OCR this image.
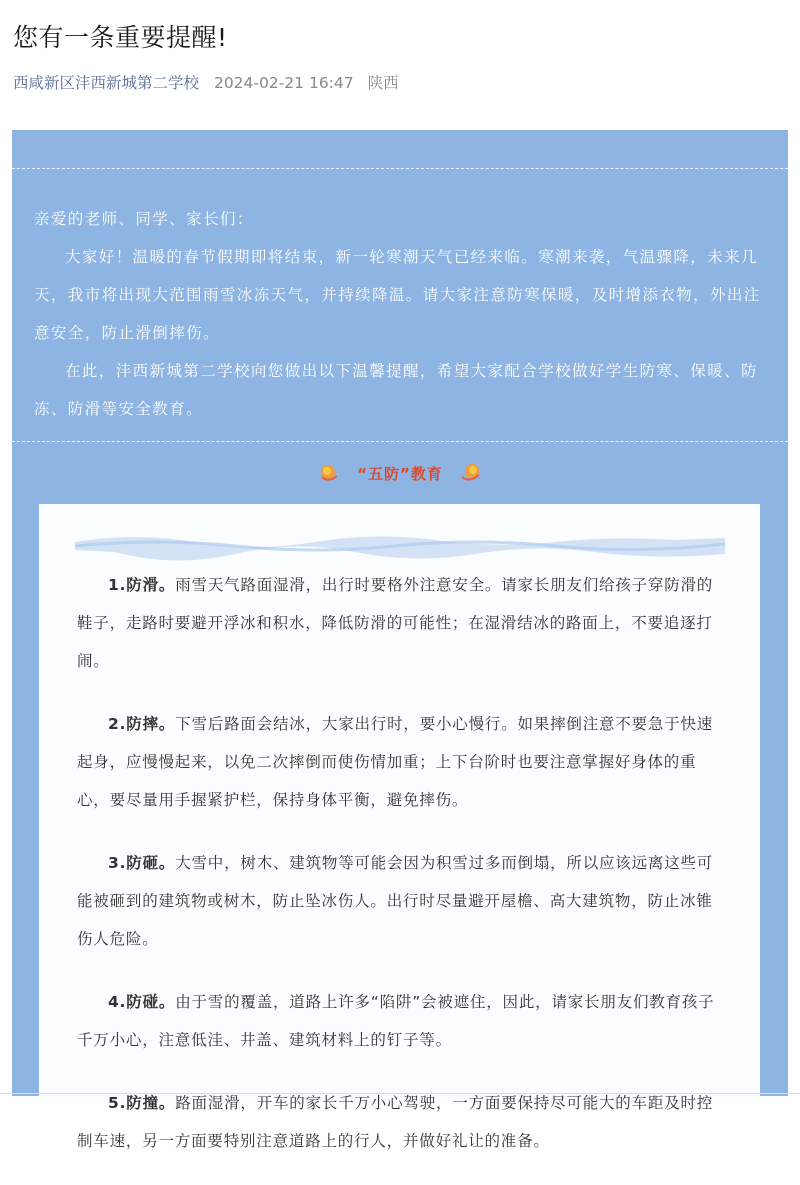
您有一条重要提醒!
西咸新区沣西新城第二学校 2024-02-21 16:47 陕西

亲爱的老师、同学、家长们：

大家好！温暖的春节假期即将结束，新一轮寒潮天气已经来临。寒潮来袭，气温骤降，未来几天，我市将出现大范围雨雪冰冻天气，并持续降温。请大家注意防寒保暖，及时增添衣物，外出注意安全，防止滑倒摔伤。

在此，沣西新城第二学校向您做出以下温馨提醒，希望大家配合学校做好学生防寒、保暖、防冻、防滑等安全教育。

“五防”教育

1.防滑。雨雪天气路面湿滑，出行时要格外注意安全。请家长朋友们给孩子穿防滑的鞋子，走路时要避开浮冰和积水，降低防滑的可能性；在湿滑结冰的路面上，不要追逐打闹。

2.防摔。下雪后路面会结冰，大家出行时，要小心慢行。如果摔倒注意不要急于快速起身，应慢慢起来，以免二次摔倒而使伤情加重；上下台阶时也要注意掌握好身体的重心，要尽量用手握紧护栏，保持身体平衡，避免摔伤。

3.防砸。大雪中，树木、建筑物等可能会因为积雪过多而倒塌，所以应该远离这些可能被砸到的建筑物或树木，防止坠冰伤人。出行时尽量避开屋檐、高大建筑物，防止冰锥伤人危险。

4.防碰。由于雪的覆盖，道路上许多“陷阱”会被遮住，因此，请家长朋友们教育孩子千万小心，注意低洼、井盖、建筑材料上的钉子等。

5.防撞。路面湿滑，开车的家长千万小心驾驶，一方面要保持尽可能大的车距及时控制车速，另一方面要特别注意道路上的行人，并做好礼让的准备。
